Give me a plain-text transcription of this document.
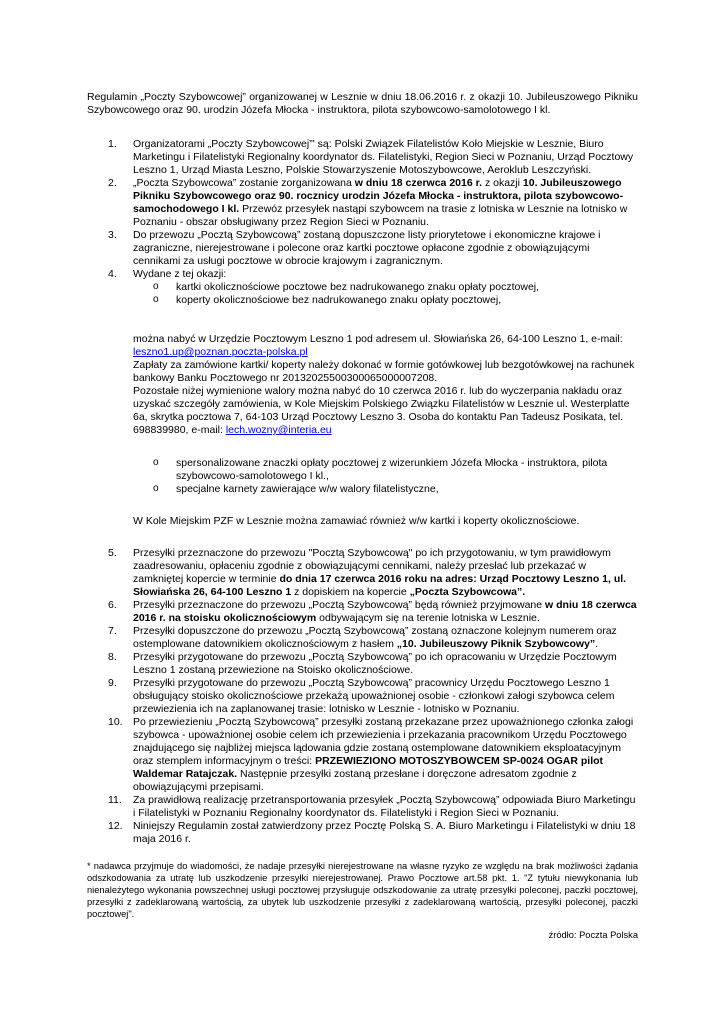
Regulamin „Poczty Szybowcowej” organizowanej w Lesznie w dniu 18.06.2016 r. z okazji 10. Jubileuszowego Pikniku Szybowcowego oraz 90. urodzin Józefa Młocka - instruktora, pilota szybowcowo-samolotowego I kl.

1. Organizatorami „Poczty Szybowcowej”' są: Polski Związek Filatelistów Koło Miejskie w Lesznie, Biuro Marketingu i Filatelistyki Regionalny koordynator ds. Filatelistyki, Region Sieci w Poznaniu, Urząd Pocztowy Leszno 1, Urząd Miasta Leszno, Polskie Stowarzyszenie Motoszybowcowe, Aeroklub Leszczyński.
2. „Poczta Szybowcowa” zostanie zorganizowana w dniu 18 czerwca 2016 r. z okazji 10. Jubileuszowego Pikniku Szybowcowego oraz 90. rocznicy urodzin Józefa Młocka - instruktora, pilota szybowcowo-samochodowego I kl. Przewóz przesyłek nastąpi szybowcem na trasie z lotniska w Lesznie na lotnisko w Poznaniu - obszar obsługiwany przez Region Sieci w Poznaniu.
3. Do przewozu „Pocztą Szybowcową” zostaną dopuszczone listy priorytetowe i ekonomiczne krajowe i zagraniczne, nierejestrowane i polecone oraz kartki pocztowe opłacone zgodnie z obowiązującymi cennikami za usługi pocztowe w obrocie krajowym i zagranicznym.
4. Wydane z tej okazji:
o kartki okolicznościowe pocztowe bez nadrukowanego znaku opłaty pocztowej,
o koperty okolicznościowe bez nadrukowanego znaku opłaty pocztowej,
można nabyć w Urzędzie Pocztowym Leszno 1 pod adresem ul. Słowiańska 26, 64-100 Leszno 1, e-mail: leszno1.up@poznan.poczta-polska.pl
Zapłaty za zamówione kartki/ koperty należy dokonać w formie gotówkowej lub bezgotówkowej na rachunek bankowy Banku Pocztowego nr 20132025500300065000007208.
Pozostałe niżej wymienione walory można nabyć do 10 czerwca 2016 r. lub do wyczerpania nakładu oraz uzyskać szczegóły zamówienia, w Kole Miejskim Polskiego Związku Filatelistów w Lesznie ul. Westerplatte 6a, skrytka pocztowa 7, 64-103 Urząd Pocztowy Leszno 3. Osoba do kontaktu Pan Tadeusz Posikata, tel. 698839980, e-mail: lech.wozny@interia.eu
o spersonalizowane znaczki opłaty pocztowej z wizerunkiem Józefa Młocka - instruktora, pilota szybowcowo-samolotowego I kl.,
o specjalne karnety zawierające w/w walory filatelistyczne,
W Kole Miejskim PZF w Lesznie można zamawiać również w/w kartki i koperty okolicznościowe.
5. Przesyłki przeznaczone do przewozu "Pocztą Szybowcową" po ich przygotowaniu, w tym prawidłowym zaadresowaniu, opłaceniu zgodnie z obowiązującymi cennikami, należy przesłać lub przekazać w zamkniętej kopercie w terminie do dnia 17 czerwca 2016 roku na adres: Urząd Pocztowy Leszno 1, ul. Słowiańska 26, 64-100 Leszno 1 z dopiskiem na kopercie „Poczta Szybowcowa”.
6. Przesyłki przeznaczone do przewozu „Pocztą Szybowcową” będą również przyjmowane w dniu 18 czerwca 2016 r. na stoisku okolicznościowym odbywającym się na terenie lotniska w Lesznie.
7. Przesyłki dopuszczone do przewozu „Pocztą Szybowcową” zostaną oznaczone kolejnym numerem oraz ostemplowane datownikiem okolicznościowym z hasłem „10. Jubileuszowy Piknik Szybowcowy”.
8. Przesyłki przygotowane do przewozu „Pocztą Szybowcową” po ich opracowaniu w Urzędzie Pocztowym Leszno 1 zostaną przewiezione na Stoisko okolicznościowe.
9. Przesyłki przygotowane do przewozu „Pocztą Szybowcową” pracownicy Urzędu Pocztowego Leszno 1 obsługujący stoisko okolicznościowe przekażą upoważnionej osobie - członkowi załogi szybowca celem przewiezienia ich na zaplanowanej trasie: lotnisko w Lesznie - lotnisko w Poznaniu.
10. Po przewiezieniu „Pocztą Szybowcową” przesyłki zostaną przekazane przez upoważnionego członka załogi szybowca - upoważnionej osobie celem ich przewiezienia i przekazania pracownikom Urzędu Pocztowego znajdującego się najbliżej miejsca lądowania gdzie zostaną ostemplowane datownikiem eksploatacyjnym oraz stemplem informacyjnym o treści: PRZEWIEZIONO MOTOSZYBOWCEM SP-0024 OGAR pilot Waldemar Ratajczak. Następnie przesyłki zostaną przesłane i doręczone adresatom zgodnie z obowiązującymi przepisami.
11. Za prawidłową realizację przetransportowania przesyłek „Pocztą Szybowcową” odpowiada Biuro Marketingu i Filatelistyki w Poznaniu Regionalny koordynator ds. Filatelistyki i Region Sieci w Poznaniu.
12. Niniejszy Regulamin został zatwierdzony przez Pocztę Polską S. A. Biuro Marketingu i Filatelistyki w dniu 18 maja 2016 r.

* nadawca przyjmuje do wiadomości, że nadaje przesyłki nierejestrowane na własne ryzyko ze względu na brak możliwości żądania odszkodowania za utratę lub uszkodzenie przesyłki nierejestrowanej. Prawo Pocztowe art.58 pkt. 1. "Z tytułu niewykonania lub nienależytego wykonania powszechnej usługi pocztowej przysługuje odszkodowanie za utratę przesyłki poleconej, paczki pocztowej, przesyłki z zadeklarowaną wartością, za ubytek lub uszkodzenie przesyłki z zadeklarowaną wartością, przesyłki poleconej, paczki pocztowej".

źródło: Poczta Polska
